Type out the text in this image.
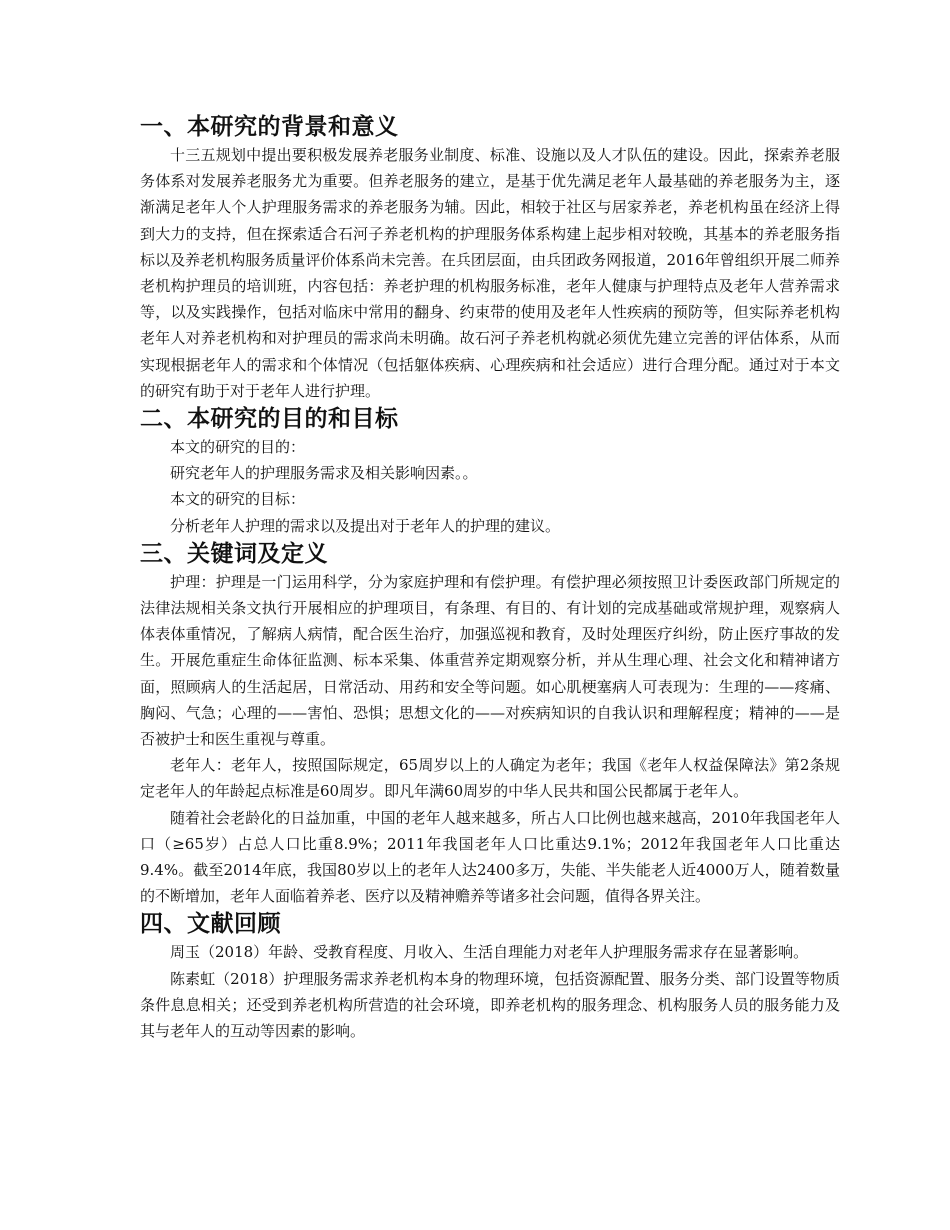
一、本研究的背景和意义

十三五规划中提出要积极发展养老服务业制度、标准、设施以及人才队伍的建设。因此，探索养老服务体系对发展养老服务尤为重要。但养老服务的建立，是基于优先满足老年人最基础的养老服务为主，逐渐满足老年人个人护理服务需求的养老服务为辅。因此，相较于社区与居家养老，养老机构虽在经济上得到大力的支持，但在探索适合石河子养老机构的护理服务体系构建上起步相对较晚，其基本的养老服务指标以及养老机构服务质量评价体系尚未完善。在兵团层面，由兵团政务网报道，2016年曾组织开展二师养老机构护理员的培训班，内容包括：养老护理的机构服务标准，老年人健康与护理特点及老年人营养需求等，以及实践操作，包括对临床中常用的翻身、约束带的使用及老年人性疾病的预防等，但实际养老机构老年人对养老机构和对护理员的需求尚未明确。故石河子养老机构就必须优先建立完善的评估体系，从而实现根据老年人的需求和个体情况（包括躯体疾病、心理疾病和社会适应）进行合理分配。通过对于本文的研究有助于对于老年人进行护理。

二、本研究的目的和目标

本文的研究的目的：

研究老年人的护理服务需求及相关影响因素。。

本文的研究的目标：

分析老年人护理的需求以及提出对于老年人的护理的建议。

三、关键词及定义

护理：护理是一门运用科学，分为家庭护理和有偿护理。有偿护理必须按照卫计委医政部门所规定的法律法规相关条文执行开展相应的护理项目，有条理、有目的、有计划的完成基础或常规护理，观察病人体表体重情况，了解病人病情，配合医生治疗，加强巡视和教育，及时处理医疗纠纷，防止医疗事故的发生。开展危重症生命体征监测、标本采集、体重营养定期观察分析，并从生理心理、社会文化和精神诸方面，照顾病人的生活起居，日常活动、用药和安全等问题。如心肌梗塞病人可表现为：生理的——疼痛、胸闷、气急；心理的——害怕、恐惧；思想文化的——对疾病知识的自我认识和理解程度；精神的——是否被护士和医生重视与尊重。

老年人：老年人，按照国际规定，65周岁以上的人确定为老年；我国《老年人权益保障法》第2条规定老年人的年龄起点标准是60周岁。即凡年满60周岁的中华人民共和国公民都属于老年人。

随着社会老龄化的日益加重，中国的老年人越来越多，所占人口比例也越来越高，2010年我国老年人口（≥65岁）占总人口比重8.9%；2011年我国老年人口比重达9.1%；2012年我国老年人口比重达9.4%。截至2014年底，我国80岁以上的老年人达2400多万，失能、半失能老人近4000万人，随着数量的不断增加，老年人面临着养老、医疗以及精神赡养等诸多社会问题，值得各界关注。

四、文献回顾

周玉（2018）年龄、受教育程度、月收入、生活自理能力对老年人护理服务需求存在显著影响。

陈素虹（2018）护理服务需求养老机构本身的物理环境，包括资源配置、服务分类、部门设置等物质条件息息相关；还受到养老机构所营造的社会环境，即养老机构的服务理念、机构服务人员的服务能力及其与老年人的互动等因素的影响。
